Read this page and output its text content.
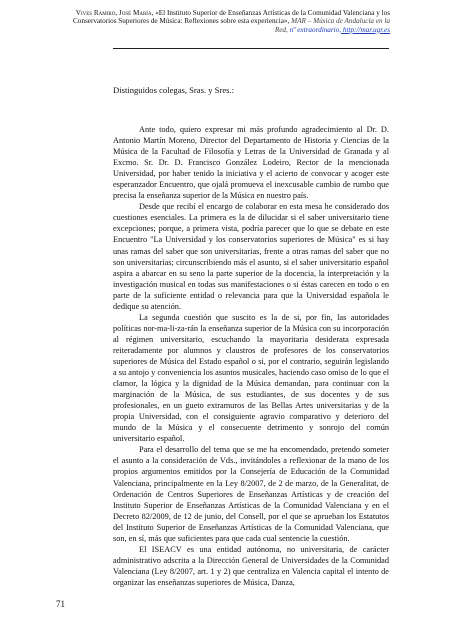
Vives Ramiro, José María, «El Instituto Superior de Enseñanzas Artísticas de la Comunidad Valenciana y los Conservatorios Superiores de Música: Reflexiones sobre esta experiencia», MAR – Música de Andalucía en la Red, nº extraordinario, http://mar.ugr.es
Distinguidos colegas, Sras. y Sres.:

Ante todo, quiero expresar mi más profundo agradecimiento al Dr. D. Antonio Martín Moreno, Director del Departamento de Historia y Ciencias de la Música de la Facultad de Filosofía y Letras de la Universidad de Granada y al Excmo. Sr. Dr. D. Francisco González Lodeiro, Rector de la mencionada Universidad, por haber tenido la iniciativa y el acierto de convocar y acoger este esperanzador Encuentro, que ojalá promueva el inexcusable cambio de rumbo que precisa la enseñanza superior de la Música en nuestro país.

Desde que recibí el encargo de colaborar en esta mesa he considerado dos cuestiones esenciales. La primera es la de dilucidar si el saber universitario tiene excepciones; porque, a primera vista, podría parecer que lo que se debate en este Encuentro "La Universidad y los conservatorios superiores de Música" es si hay unas ramas del saber que son universitarias, frente a otras ramas del saber que no son universitarias; circunscribiendo más el asunto, si el saber universitario español aspira a abarcar en su seno la parte superior de la docencia, la interpretación y la investigación musical en todas sus manifestaciones o si éstas carecen en todo o en parte de la suficiente entidad o relevancia para que la Universidad española le dedique su atención.

La segunda cuestión que suscito es la de si, por fin, las autoridades políticas nor-ma-li-za-rán la enseñanza superior de la Música con su incorporación al régimen universitario, escuchando la mayoritaria desiderata expresada reiteradamente por alumnos y claustros de profesores de los conservatorios superiores de Música del Estado español o si, por el contrario, seguirán legislando a su antojo y conveniencia los asuntos musicales, haciendo caso omiso de lo que el clamor, la lógica y la dignidad de la Música demandan, para continuar con la marginación de la Música, de sus estudiantes, de sus docentes y de sus profesionales, en un gueto extramuros de las Bellas Artes universitarias y de la propia Universidad, con el consiguiente agravio comparativo y deterioro del mundo de la Música y el consecuente detrimento y sonrojo del común universitario español.

Para el desarrollo del tema que se me ha encomendado, pretendo someter el asunto a la consideración de Vds., invitándoles a reflexionar de la mano de los propios argumentos emitidos por la Consejería de Educación de la Comunidad Valenciana, principalmente en la Ley 8/2007, de 2 de marzo, de la Generalitat, de Ordenación de Centros Superiores de Enseñanzas Artísticas y de creación del Instituto Superior de Enseñanzas Artísticas de la Comunidad Valenciana y en el Decreto 82/2009, de 12 de junio, del Consell, por el que se aprueban los Estatutos del Instituto Superior de Enseñanzas Artísticas de la Comunidad Valenciana, que son, en sí, más que suficientes para que cada cual sentencie la cuestión.

El ISEACV es una entidad autónoma, no universitaria, de carácter administrativo adscrita a la Dirección General de Universidades de la Comunidad Valenciana (Ley 8/2007, art. 1 y 2) que centraliza en Valencia capital el intento de organizar las enseñanzas superiores de Música, Danza,

71
